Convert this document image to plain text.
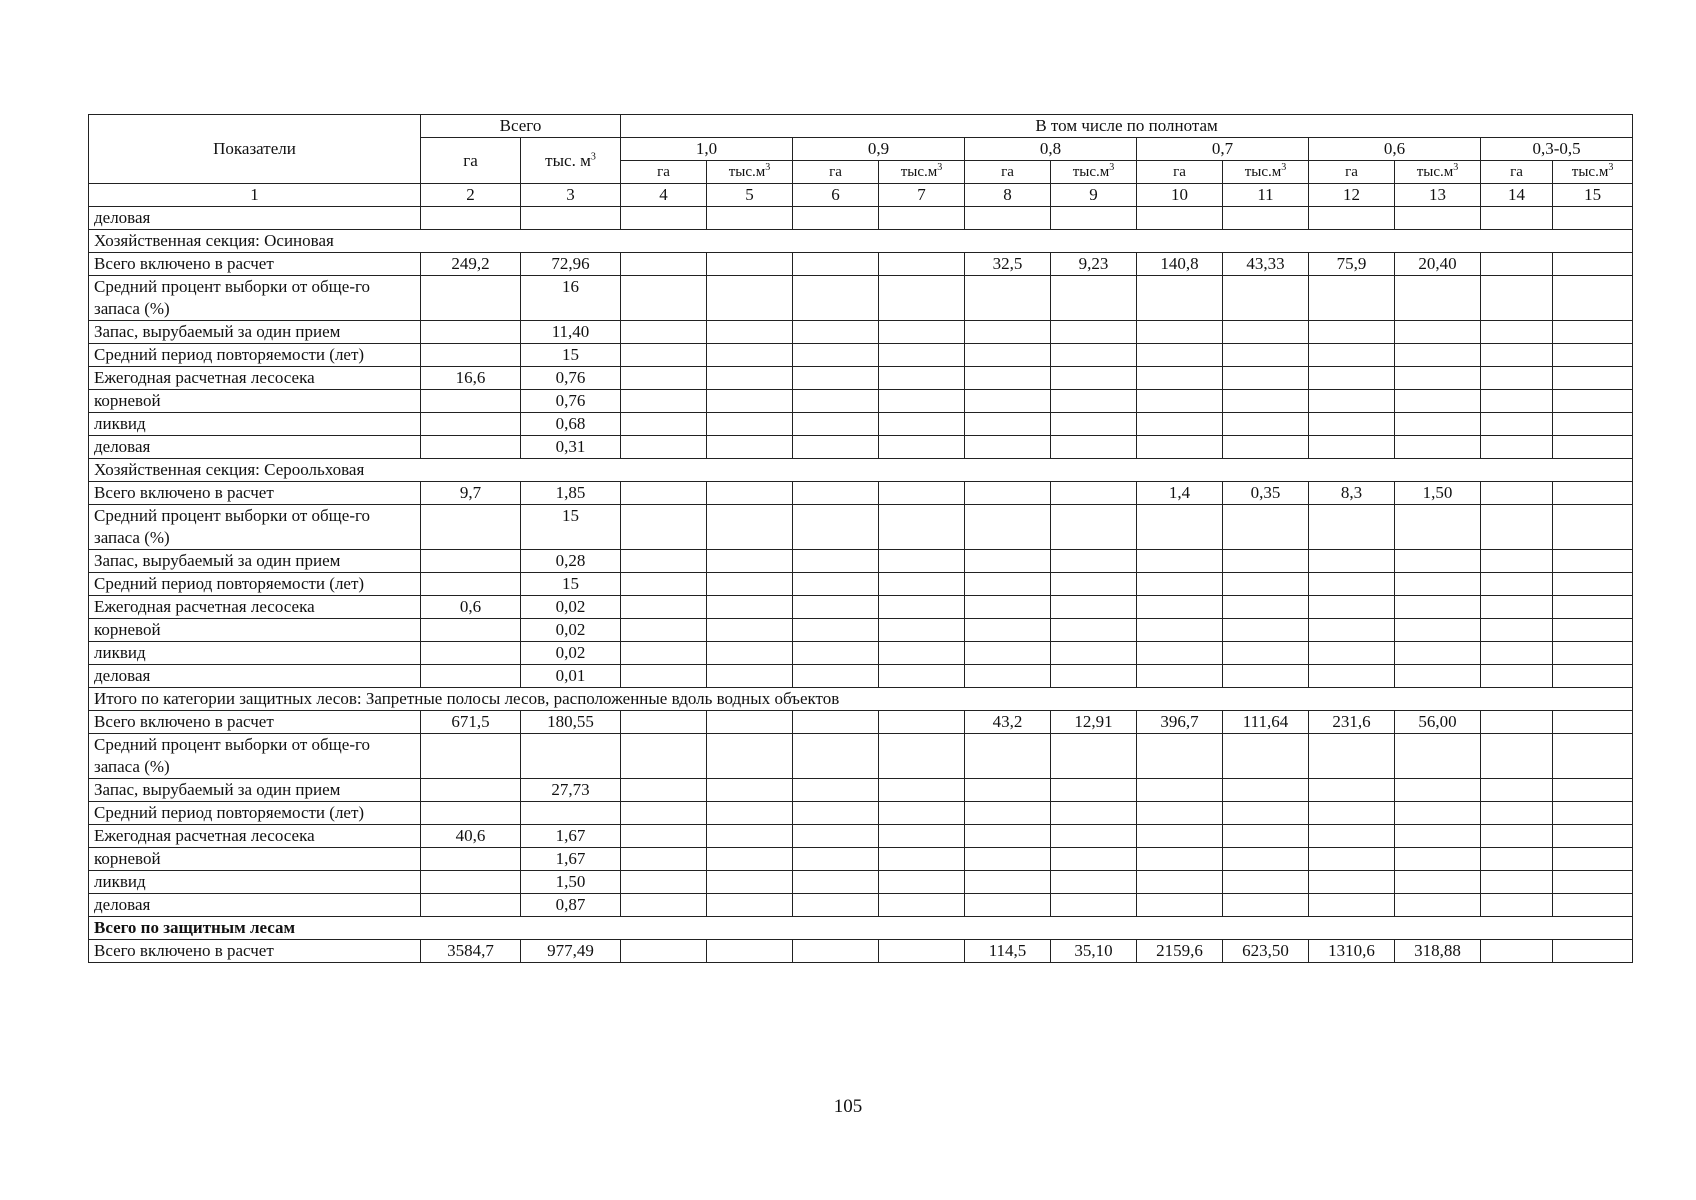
Показатели	Всего		В том числе по полнотам											
	га	тыс. $м^3$	1,0		0,9		0,8		0,7		0,6		0,3-0,5	
			га	$тыс.м^3$	га	$тыс.м^3$	га	$тыс.м^3$	га	$тыс.м^3$	га	$тыс.м^3$	га	$тыс.м^3$
1	2	3	4	5	6	7	8	9	10	11	12	13	14	15
деловая														
Хозяйственная секция: Осиновая														
Всего включено в расчет	249,2	72,96					32,5	9,23	140,8	43,33	75,9	20,40		
Средний процент выборки от обще-го запаса (%)		16												
Запас, вырубаемый за один прием		11,40												
Средний период повторяемости (лет)		15												
Ежегодная расчетная лесосека	16,6	0,76												
корневой		0,76												
ликвид		0,68												
деловая		0,31												
Хозяйственная секция: Сероольховая														
Всего включено в расчет	9,7	1,85							1,4	0,35	8,3	1,50		
Средний процент выборки от обще-го запаса (%)		15												
Запас, вырубаемый за один прием		0,28												
Средний период повторяемости (лет)		15												
Ежегодная расчетная лесосека	0,6	0,02												
корневой		0,02												
ликвид		0,02												
деловая		0,01												
Итого по категории защитных лесов: Запретные полосы лесов, расположенные вдоль водных объектов														
Всего включено в расчет	671,5	180,55					43,2	12,91	396,7	111,64	231,6	56,00		
Средний процент выборки от обще-го запаса (%)														
Запас, вырубаемый за один прием		27,73												
Средний период повторяемости (лет)														
Ежегодная расчетная лесосека	40,6	1,67												
корневой		1,67												
ликвид		1,50												
деловая		0,87												
Всего по защитным лесам														
Всего включено в расчет	3584,7	977,49					114,5	35,10	2159,6	623,50	1310,6	318,88		
105
